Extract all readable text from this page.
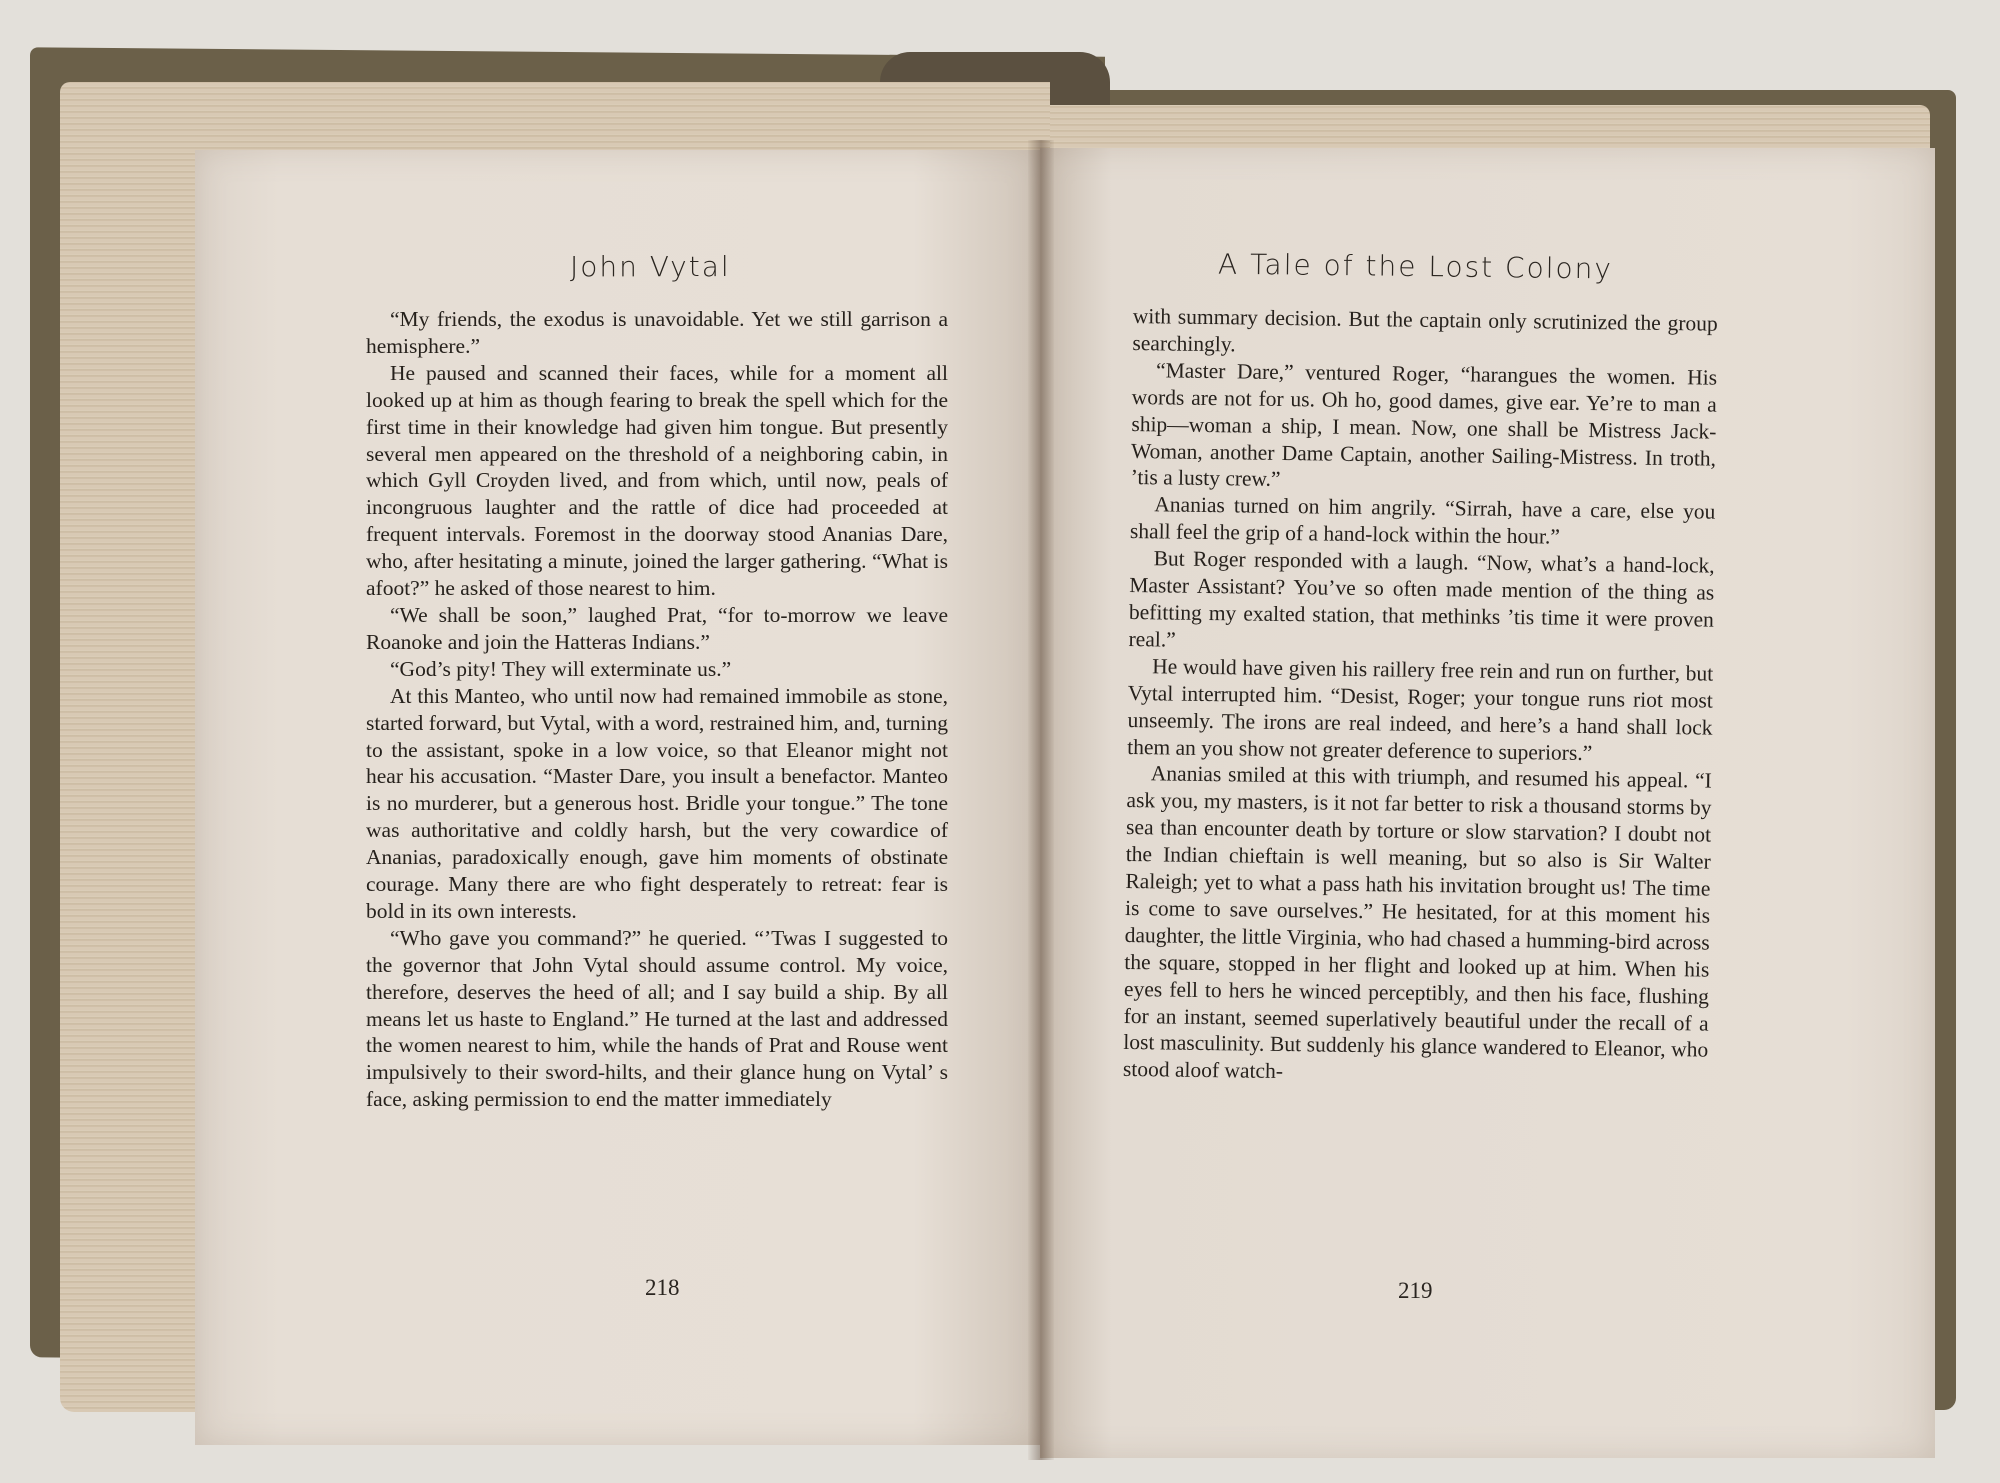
John Vytal	A Tale of the Lost Colony

“My friends, the exodus is unavoidable. Yet we still garrison a hemisphere.”

He paused and scanned their faces, while for a moment all looked up at him as though fearing to break the spell which for the first time in their knowledge had given him tongue. But presently several men appeared on the threshold of a neighboring cabin, in which Gyll Croyden lived, and from which, until now, peals of incongruous laughter and the rattle of dice had proceeded at frequent intervals. Foremost in the doorway stood Ananias Dare, who, after hesitating a minute, joined the larger gathering. “What is afoot?” he asked of those nearest to him.

“We shall be soon,” laughed Prat, “for to-morrow we leave Roanoke and join the Hatteras Indians.”

“God’s pity! They will exterminate us.”

At this Manteo, who until now had remained immobile as stone, started forward, but Vytal, with a word, restrained him, and, turning to the assistant, spoke in a low voice, so that Eleanor might not hear his accusation. “Master Dare, you insult a benefactor. Manteo is no murderer, but a generous host. Bridle your tongue.” The tone was authoritative and coldly harsh, but the very cowardice of Ananias, paradoxically enough, gave him moments of obstinate courage. Many there are who fight desperately to retreat: fear is bold in its own interests.

“Who gave you command?” he queried. “’Twas I suggested to the governor that John Vytal should assume control. My voice, therefore, deserves the heed of all; and I say build a ship. By all means let us haste to England.” He turned at the last and addressed the women nearest to him, while the hands of Prat and Rouse went impulsively to their sword-hilts, and their glance hung on Vytal’ s face, asking permission to end the matter immediately

with summary decision. But the captain only scrutinized the group searchingly.

“Master Dare,” ventured Roger, “harangues the women. His words are not for us. Oh ho, good dames, give ear. Ye’re to man a ship—woman a ship, I mean. Now, one shall be Mistress Jack-Woman, another Dame Captain, another Sailing-Mistress. In troth, ’tis a lusty crew.”

Ananias turned on him angrily. “Sirrah, have a care, else you shall feel the grip of a hand-lock within the hour.”

But Roger responded with a laugh. “Now, what’s a hand-lock, Master Assistant? You’ve so often made mention of the thing as befitting my exalted station, that methinks ’tis time it were proven real.”

He would have given his raillery free rein and run on further, but Vytal interrupted him. “Desist, Roger; your tongue runs riot most unseemly. The irons are real indeed, and here’s a hand shall lock them an you show not greater deference to superiors.”

Ananias smiled at this with triumph, and resumed his appeal. “I ask you, my masters, is it not far better to risk a thousand storms by sea than encounter death by torture or slow starvation? I doubt not the Indian chieftain is well meaning, but so also is Sir Walter Raleigh; yet to what a pass hath his invitation brought us! The time is come to save ourselves.” He hesitated, for at this moment his daughter, the little Virginia, who had chased a humming-bird across the square, stopped in her flight and looked up at him. When his eyes fell to hers he winced perceptibly, and then his face, flushing for an instant, seemed superlatively beautiful under the recall of a lost masculinity. But suddenly his glance wandered to Eleanor, who stood aloof watch-

218	219
